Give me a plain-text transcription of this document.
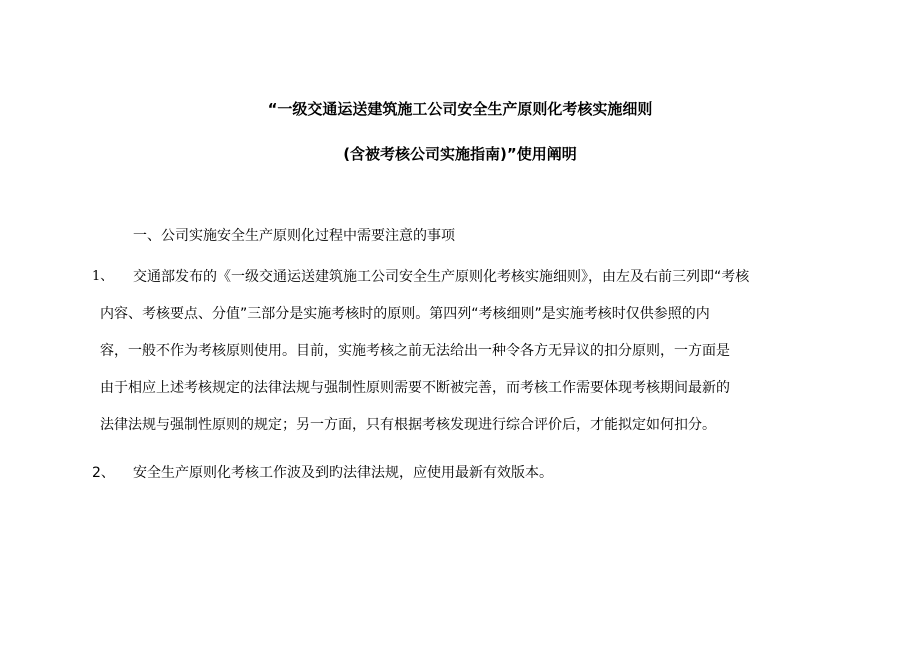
“一级交通运送建筑施工公司安全生产原则化考核实施细则
(含被考核公司实施指南)”使用阐明
一、公司实施安全生产原则化过程中需要注意的事项
1、 交通部发布的《一级交通运送建筑施工公司安全生产原则化考核实施细则》，由左及右前三列即“考核
内容、考核要点、分值”三部分是实施考核时的原则。第四列“考核细则”是实施考核时仅供参照的内
容，一般不作为考核原则使用。目前，实施考核之前无法给出一种令各方无异议的扣分原则，一方面是
由于相应上述考核规定的法律法规与强制性原则需要不断被完善，而考核工作需要体现考核期间最新的
法律法规与强制性原则的规定；另一方面，只有根据考核发现进行综合评价后，才能拟定如何扣分。
2、 安全生产原则化考核工作波及到旳法律法规，应使用最新有效版本。
